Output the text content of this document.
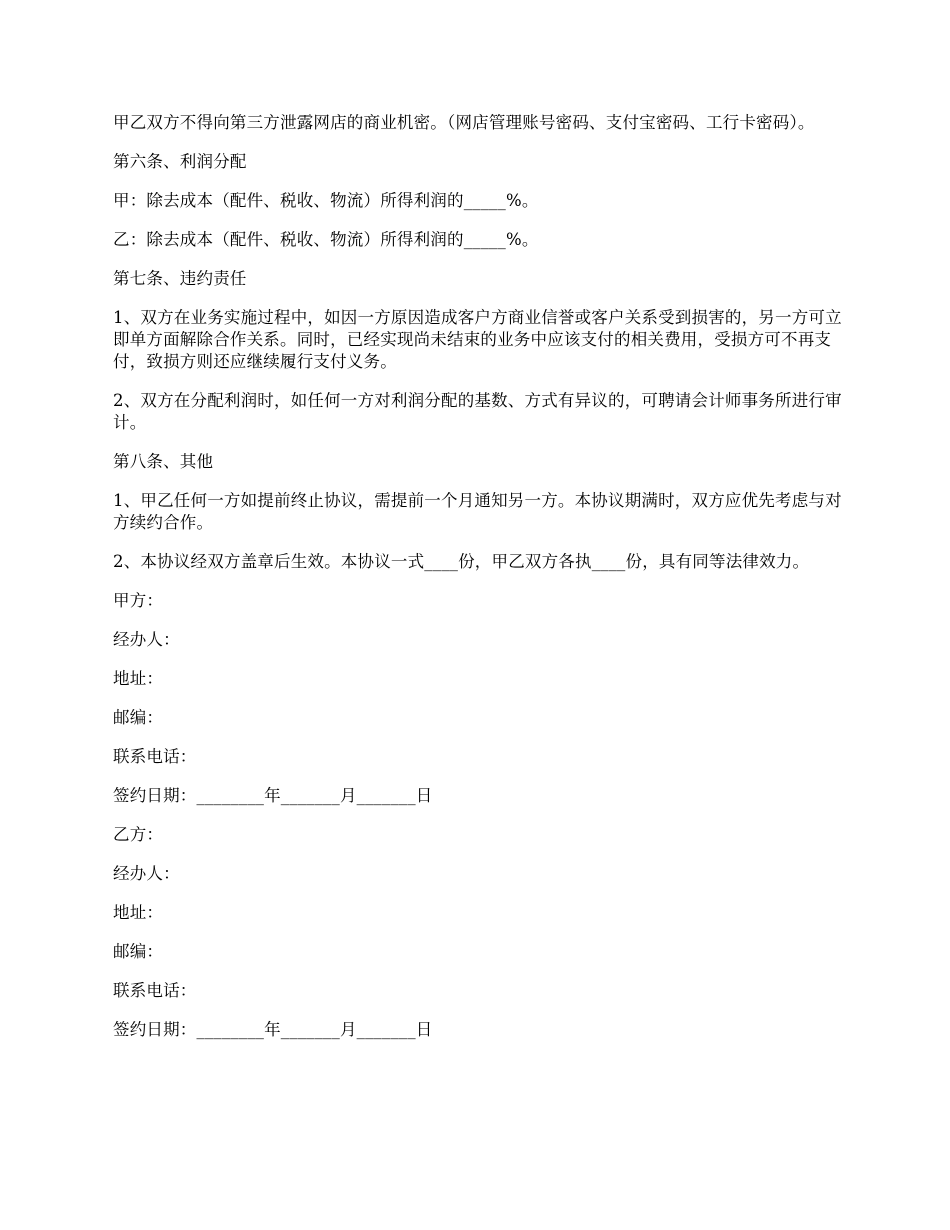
甲乙双方不得向第三方泄露网店的商业机密。（网店管理账号密码、支付宝密码、工行卡密码）。

第六条、利润分配

甲：除去成本（配件、税收、物流）所得利润的_____%。

乙：除去成本（配件、税收、物流）所得利润的_____%。

第七条、违约责任

1、双方在业务实施过程中，如因一方原因造成客户方商业信誉或客户关系受到损害的，另一方可立即单方面解除合作关系。同时，已经实现尚未结束的业务中应该支付的相关费用，受损方可不再支付，致损方则还应继续履行支付义务。

2、双方在分配利润时，如任何一方对利润分配的基数、方式有异议的，可聘请会计师事务所进行审计。

第八条、其他

1、甲乙任何一方如提前终止协议，需提前一个月通知另一方。本协议期满时，双方应优先考虑与对方续约合作。

2、本协议经双方盖章后生效。本协议一式____份，甲乙双方各执____份，具有同等法律效力。

甲方：

经办人：

地址：

邮编：

联系电话：

签约日期：________年_______月_______日

乙方：

经办人：

地址：

邮编：

联系电话：

签约日期：________年_______月_______日
